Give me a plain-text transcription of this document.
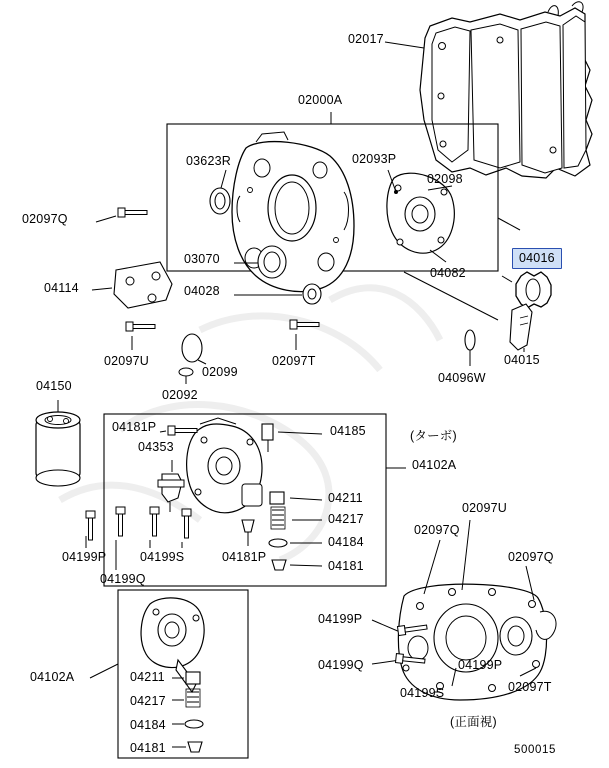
02017
02000A
03623R	02093P
02098
02097Q
03070
04082
04016
04114	04028
02097U
02099
02097T
04096W
04015
02092
04150
04181P	04185
04353
04102A
04211
04217
04184
04181
04181P
04199P	04199S
04199Q
02097U
02097Q
02097Q
04199P
04199Q	04199P
04199S	02097T
04102A	04211
04217
04184
04181
(ターボ)
(正面視)
500015
